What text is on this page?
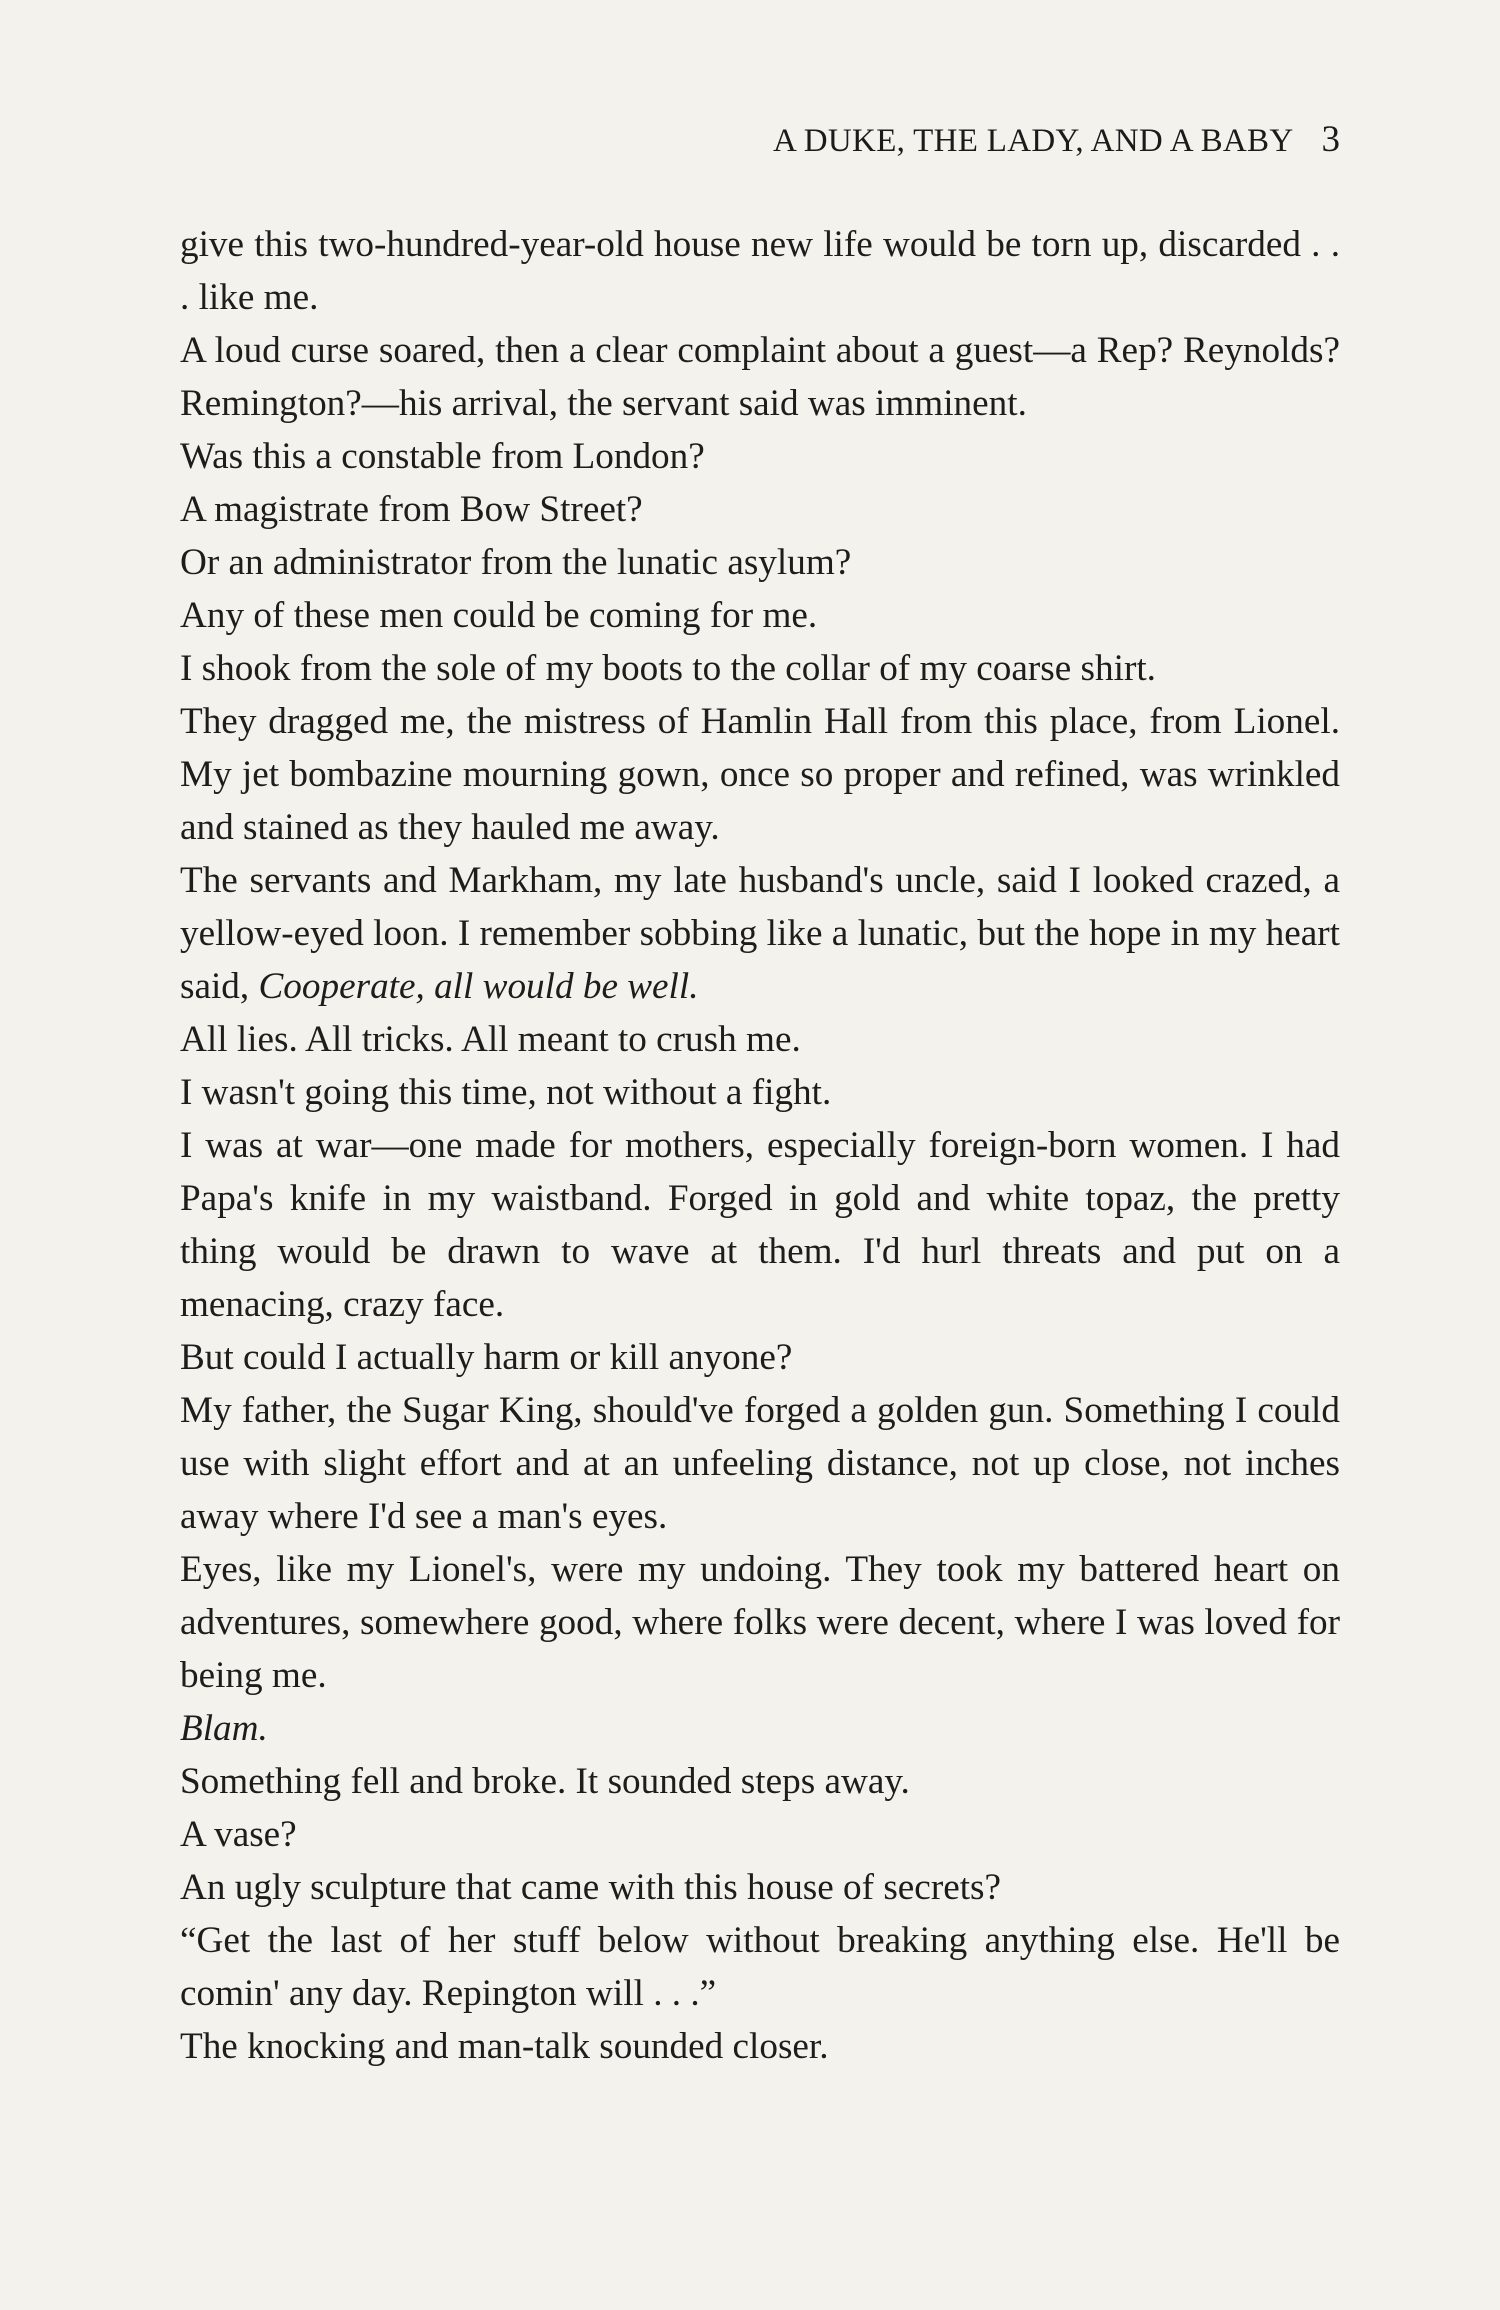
A DUKE, THE LADY, AND A BABY 3

give this two-hundred-year-old house new life would be torn up, discarded . . . like me.

A loud curse soared, then a clear complaint about a guest—a Rep? Reynolds? Remington?—his arrival, the servant said was imminent.

Was this a constable from London?

A magistrate from Bow Street?

Or an administrator from the lunatic asylum?

Any of these men could be coming for me.

I shook from the sole of my boots to the collar of my coarse shirt.

They dragged me, the mistress of Hamlin Hall from this place, from Lionel. My jet bombazine mourning gown, once so proper and refined, was wrinkled and stained as they hauled me away.

The servants and Markham, my late husband's uncle, said I looked crazed, a yellow-eyed loon. I remember sobbing like a lunatic, but the hope in my heart said, Cooperate, all would be well.

All lies. All tricks. All meant to crush me.

I wasn't going this time, not without a fight.

I was at war—one made for mothers, especially foreign-born women. I had Papa's knife in my waistband. Forged in gold and white topaz, the pretty thing would be drawn to wave at them. I'd hurl threats and put on a menacing, crazy face.

But could I actually harm or kill anyone?

My father, the Sugar King, should've forged a golden gun. Something I could use with slight effort and at an unfeeling distance, not up close, not inches away where I'd see a man's eyes.

Eyes, like my Lionel's, were my undoing. They took my battered heart on adventures, somewhere good, where folks were decent, where I was loved for being me.

Blam.

Something fell and broke. It sounded steps away.

A vase?

An ugly sculpture that came with this house of secrets?

“Get the last of her stuff below without breaking anything else. He'll be comin' any day. Repington will . . .”

The knocking and man-talk sounded closer.
